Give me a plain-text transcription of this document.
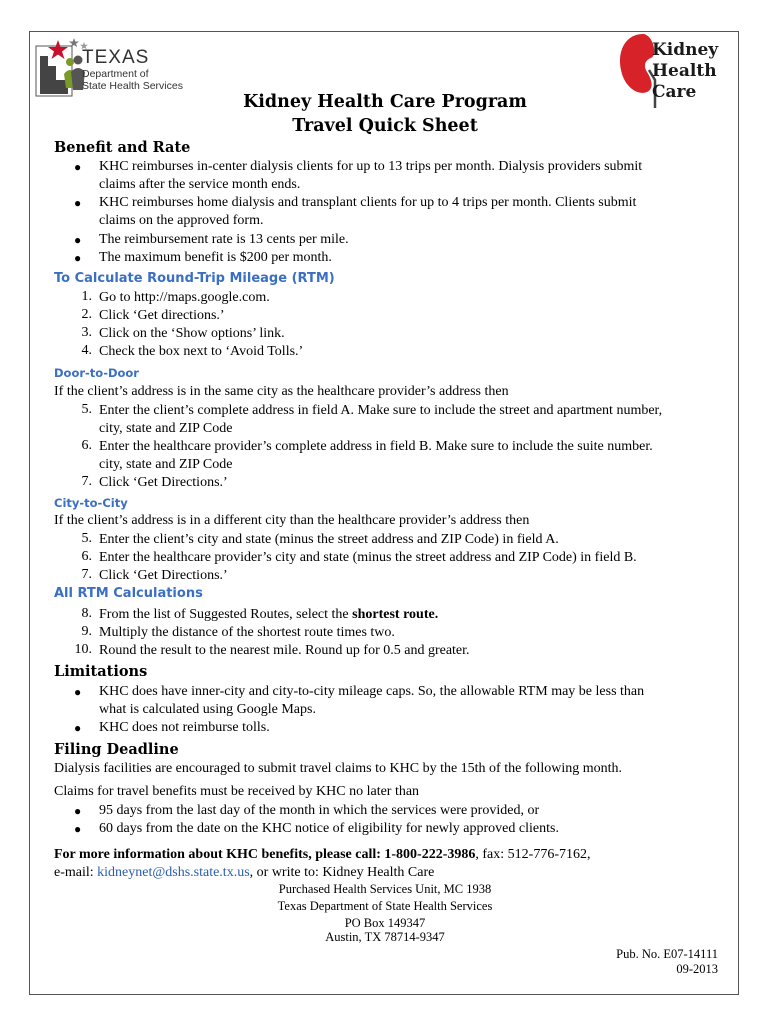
TEXAS
Department of
State Health Services
Kidney
Health
Care
Kidney Health Care Program
Travel Quick Sheet
Benefit and Rate
● KHC reimburses in-center dialysis clients for up to 13 trips per month. Dialysis providers submit
claims after the service month ends.
● KHC reimburses home dialysis and transplant clients for up to 4 trips per month. Clients submit
claims on the approved form.
● The reimbursement rate is 13 cents per mile.
● The maximum benefit is $200 per month.
To Calculate Round-Trip Mileage (RTM)
1. Go to http://maps.google.com.
2. Click ‘Get directions.’
3. Click on the ‘Show options’ link.
4. Check the box next to ‘Avoid Tolls.’
Door-to-Door
If the client’s address is in the same city as the healthcare provider’s address then
5. Enter the client’s complete address in field A. Make sure to include the street and apartment number,
city, state and ZIP Code
6. Enter the healthcare provider’s complete address in field B. Make sure to include the suite number.
city, state and ZIP Code
7. Click ‘Get Directions.’
City-to-City
If the client’s address is in a different city than the healthcare provider’s address then
5. Enter the client’s city and state (minus the street address and ZIP Code) in field A.
6. Enter the healthcare provider’s city and state (minus the street address and ZIP Code) in field B.
7. Click ‘Get Directions.’
All RTM Calculations
8. From the list of Suggested Routes, select the shortest route.
9. Multiply the distance of the shortest route times two.
10. Round the result to the nearest mile. Round up for 0.5 and greater.
Limitations
● KHC does have inner-city and city-to-city mileage caps. So, the allowable RTM may be less than
what is calculated using Google Maps.
● KHC does not reimburse tolls.
Filing Deadline
Dialysis facilities are encouraged to submit travel claims to KHC by the 15th of the following month.
Claims for travel benefits must be received by KHC no later than
● 95 days from the last day of the month in which the services were provided, or
● 60 days from the date on the KHC notice of eligibility for newly approved clients.
For more information about KHC benefits, please call: 1-800-222-3986, fax: 512-776-7162,
e-mail: kidneynet@dshs.state.tx.us, or write to: Kidney Health Care
Purchased Health Services Unit, MC 1938
Texas Department of State Health Services
PO Box 149347
Austin, TX 78714-9347
Pub. No. E07-14111
09-2013
